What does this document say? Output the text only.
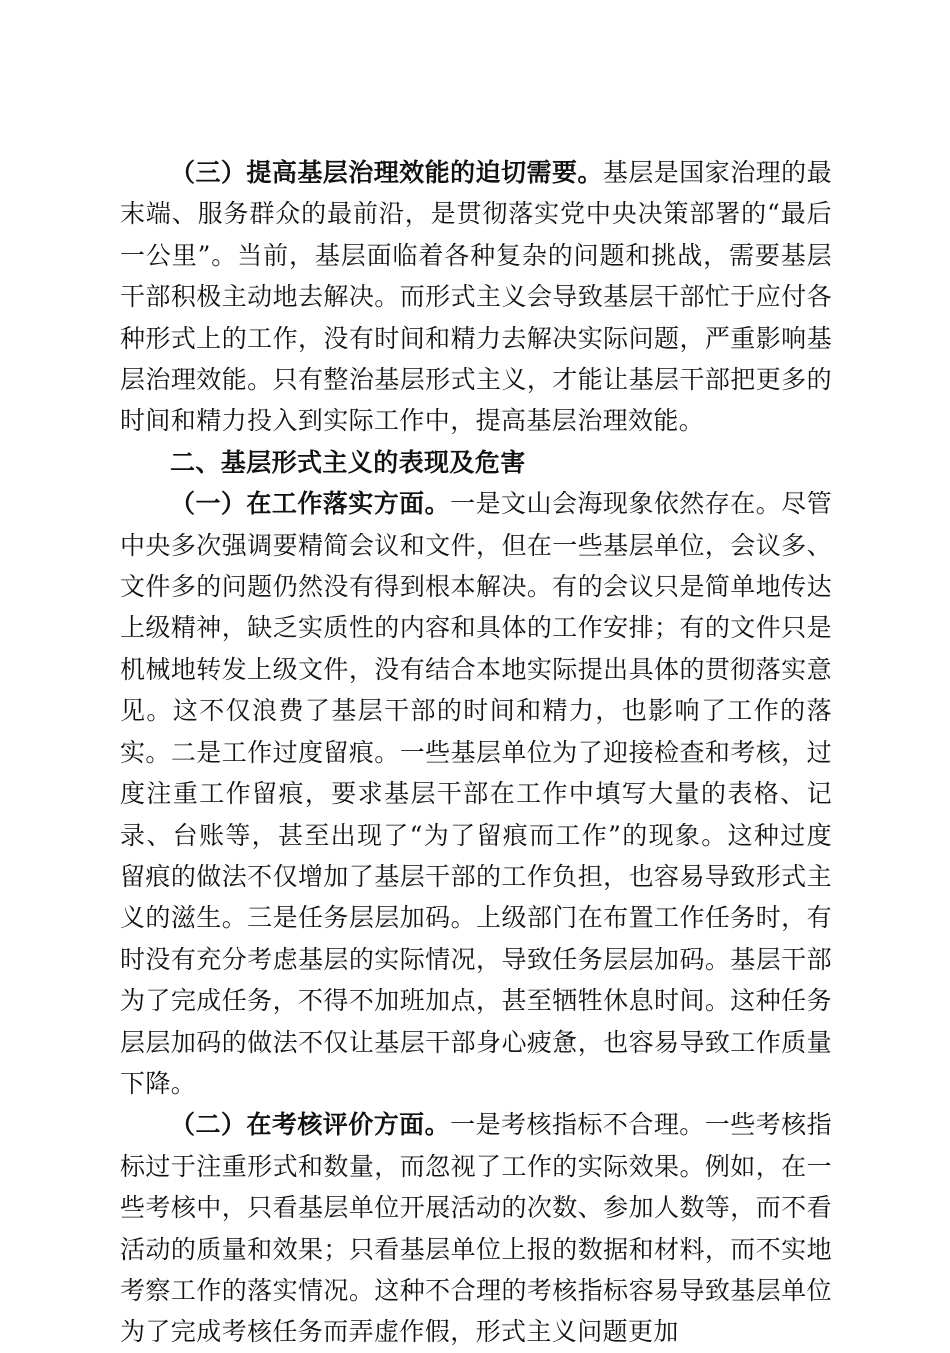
（三）提高基层治理效能的迫切需要。基层是国家治理的最末端、服务群众的最前沿，是贯彻落实党中央决策部署的“最后一公里”。当前，基层面临着各种复杂的问题和挑战，需要基层干部积极主动地去解决。而形式主义会导致基层干部忙于应付各种形式上的工作，没有时间和精力去解决实际问题，严重影响基层治理效能。只有整治基层形式主义，才能让基层干部把更多的时间和精力投入到实际工作中，提高基层治理效能。

二、基层形式主义的表现及危害

（一）在工作落实方面。一是文山会海现象依然存在。尽管中央多次强调要精简会议和文件，但在一些基层单位，会议多、文件多的问题仍然没有得到根本解决。有的会议只是简单地传达上级精神，缺乏实质性的内容和具体的工作安排；有的文件只是机械地转发上级文件，没有结合本地实际提出具体的贯彻落实意见。这不仅浪费了基层干部的时间和精力，也影响了工作的落实。二是工作过度留痕。一些基层单位为了迎接检查和考核，过度注重工作留痕，要求基层干部在工作中填写大量的表格、记录、台账等，甚至出现了“为了留痕而工作”的现象。这种过度留痕的做法不仅增加了基层干部的工作负担，也容易导致形式主义的滋生。三是任务层层加码。上级部门在布置工作任务时，有时没有充分考虑基层的实际情况，导致任务层层加码。基层干部为了完成任务，不得不加班加点，甚至牺牲休息时间。这种任务层层加码的做法不仅让基层干部身心疲惫，也容易导致工作质量下降。

（二）在考核评价方面。一是考核指标不合理。一些考核指标过于注重形式和数量，而忽视了工作的实际效果。例如，在一些考核中，只看基层单位开展活动的次数、参加人数等，而不看活动的质量和效果；只看基层单位上报的数据和材料，而不实地考察工作的落实情况。这种不合理的考核指标容易导致基层单位为了完成考核任务而弄虚作假，形式主义问题更加
